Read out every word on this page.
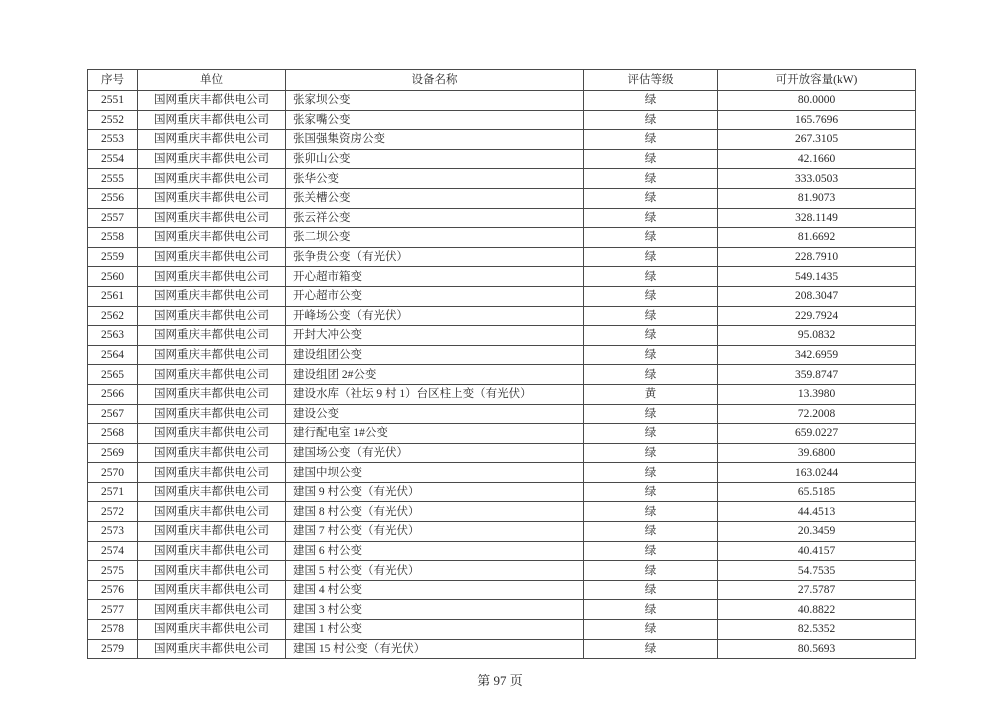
序号	单位	设备名称	评估等级	可开放容量(kW)
2551	国网重庆丰都供电公司	张家坝公变	绿	80.0000
2552	国网重庆丰都供电公司	张家嘴公变	绿	165.7696
2553	国网重庆丰都供电公司	张国强集资房公变	绿	267.3105
2554	国网重庆丰都供电公司	张卯山公变	绿	42.1660
2555	国网重庆丰都供电公司	张华公变	绿	333.0503
2556	国网重庆丰都供电公司	张关槽公变	绿	81.9073
2557	国网重庆丰都供电公司	张云祥公变	绿	328.1149
2558	国网重庆丰都供电公司	张二坝公变	绿	81.6692
2559	国网重庆丰都供电公司	张争贵公变（有光伏）	绿	228.7910
2560	国网重庆丰都供电公司	开心超市箱变	绿	549.1435
2561	国网重庆丰都供电公司	开心超市公变	绿	208.3047
2562	国网重庆丰都供电公司	开峰场公变（有光伏）	绿	229.7924
2563	国网重庆丰都供电公司	开封大冲公变	绿	95.0832
2564	国网重庆丰都供电公司	建设组团公变	绿	342.6959
2565	国网重庆丰都供电公司	建设组团 2#公变	绿	359.8747
2566	国网重庆丰都供电公司	建设水库（社坛 9 村 1）台区柱上变（有光伏）	黄	13.3980
2567	国网重庆丰都供电公司	建设公变	绿	72.2008
2568	国网重庆丰都供电公司	建行配电室 1#公变	绿	659.0227
2569	国网重庆丰都供电公司	建国场公变（有光伏）	绿	39.6800
2570	国网重庆丰都供电公司	建国中坝公变	绿	163.0244
2571	国网重庆丰都供电公司	建国 9 村公变（有光伏）	绿	65.5185
2572	国网重庆丰都供电公司	建国 8 村公变（有光伏）	绿	44.4513
2573	国网重庆丰都供电公司	建国 7 村公变（有光伏）	绿	20.3459
2574	国网重庆丰都供电公司	建国 6 村公变	绿	40.4157
2575	国网重庆丰都供电公司	建国 5 村公变（有光伏）	绿	54.7535
2576	国网重庆丰都供电公司	建国 4 村公变	绿	27.5787
2577	国网重庆丰都供电公司	建国 3 村公变	绿	40.8822
2578	国网重庆丰都供电公司	建国 1 村公变	绿	82.5352
2579	国网重庆丰都供电公司	建国 15 村公变（有光伏）	绿	80.5693
第 97 页
